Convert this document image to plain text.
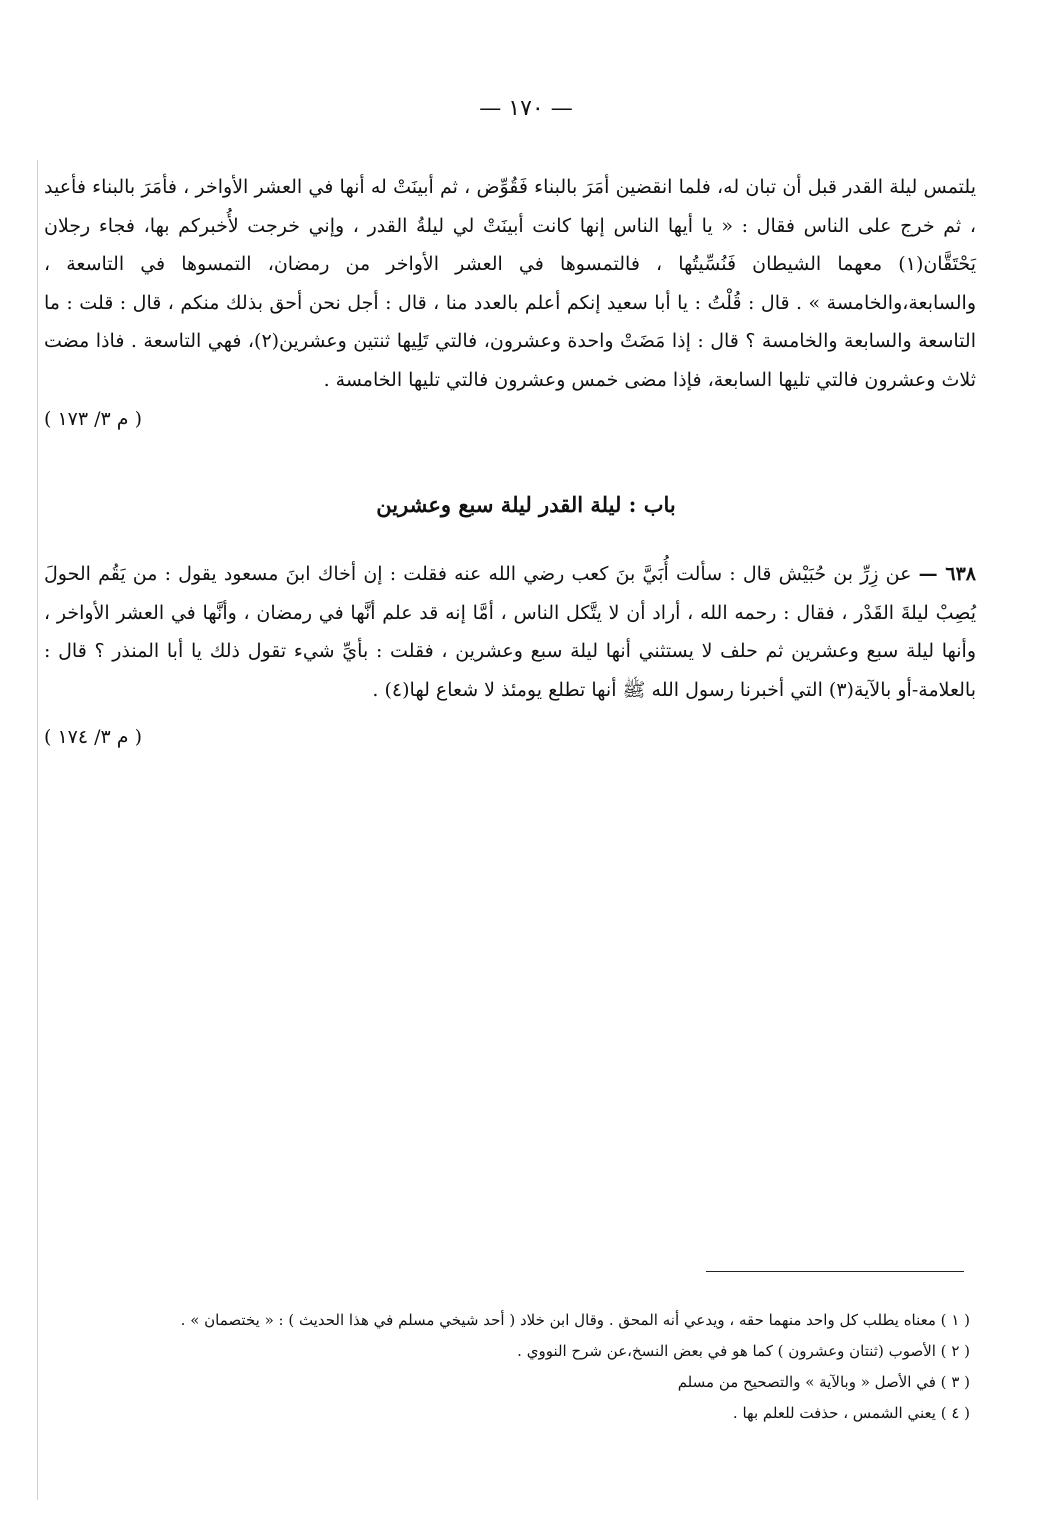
— ١٧٠ —
يلتمس ليلة القدر قبل أن تبان له، فلما انقضين أمَرَ بالبناء فَقُوِّض ، ثم أبينَتْ له أنها في العشر الأواخر ، فأمَرَ بالبناء فأعيد ، ثم خرج على الناس فقال : « يا أيها الناس إنها كانت أبينَتْ لي ليلةُ القدر ، وإني خرجت لأُخبركم بها، فجاء رجلان يَحْتَقَّان(١) معهما الشيطان فَنُسِّيتُها ، فالتمسوها في العشر الأواخر من رمضان، التمسوها في التاسعة ، والسابعة،والخامسة » . قال : قُلْتُ : يا أبا سعيد إنكم أعلم بالعدد منا ، قال : أجل نحن أحق بذلك منكم ، قال : قلت : ما التاسعة والسابعة والخامسة ؟ قال : إذا مَضَتْ واحدة وعشرون، فالتي تَلِيها ثنتين وعشرين(٢)، فهي التاسعة . فاذا مضت ثلاث وعشرون فالتي تليها السابعة، فإذا مضى خمس وعشرون فالتي تليها الخامسة .
( م ٣/ ١٧٣ )
باب : ليلة القدر ليلة سبع وعشرين
٦٣٨ — عن زِرِّ بن حُبَيْش قال : سألت أُبَيَّ بنَ كعب رضي الله عنه فقلت : إن أخاك ابنَ مسعود يقول : من يَقُم الحولَ يُصِبْ ليلةَ القَدْر ، فقال : رحمه الله ، أراد أن لا يتَّكل الناس ، أمَّا إنه قد علم أنَّها في رمضان ، وأنَّها في العشر الأواخر ، وأنها ليلة سبع وعشرين ثم حلف لا يستثني أنها ليلة سبع وعشرين ، فقلت : بأيِّ شيء تقول ذلك يا أبا المنذر ؟ قال : بالعلامة-أو بالآية(٣) التي أخبرنا رسول الله ﷺ أنها تطلع يومئذ لا شعاع لها(٤) .
( م ٣/ ١٧٤ )
( ١ ) معناه يطلب كل واحد منهما حقه ، ويدعي أنه المحق . وقال ابن خلاد ( أحد شيخي مسلم في هذا الحديث ) : « يختصمان » .
( ٢ ) الأصوب (ثنتان وعشرون ) كما هو في بعض النسخ،عن شرح النووي .
( ٣ ) في الأصل « وبالآية » والتصحيح من مسلم
( ٤ ) يعني الشمس ، حذفت للعلم بها .
